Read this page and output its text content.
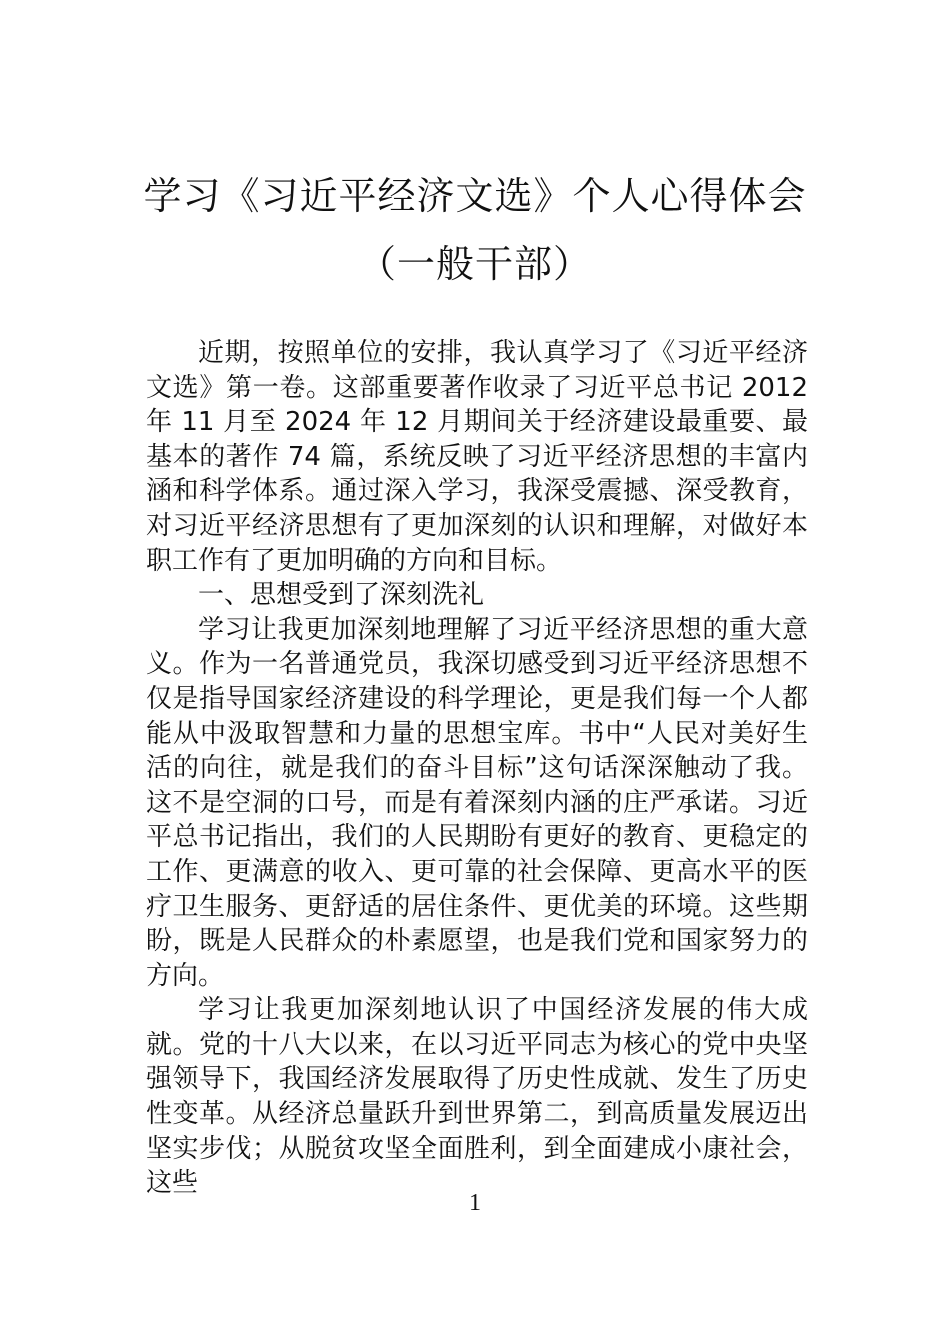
学习《习近平经济文选》个人心得体会
（一般干部）

近期，按照单位的安排，我认真学习了《习近平经济文选》第一卷。这部重要著作收录了习近平总书记 2012 年 11 月至 2024 年 12 月期间关于经济建设最重要、最基本的著作 74 篇，系统反映了习近平经济思想的丰富内涵和科学体系。通过深入学习，我深受震撼、深受教育，对习近平经济思想有了更加深刻的认识和理解，对做好本职工作有了更加明确的方向和目标。

一、思想受到了深刻洗礼

学习让我更加深刻地理解了习近平经济思想的重大意义。作为一名普通党员，我深切感受到习近平经济思想不仅是指导国家经济建设的科学理论，更是我们每一个人都能从中汲取智慧和力量的思想宝库。书中“人民对美好生活的向往，就是我们的奋斗目标”这句话深深触动了我。这不是空洞的口号，而是有着深刻内涵的庄严承诺。习近平总书记指出，我们的人民期盼有更好的教育、更稳定的工作、更满意的收入、更可靠的社会保障、更高水平的医疗卫生服务、更舒适的居住条件、更优美的环境。这些期盼，既是人民群众的朴素愿望，也是我们党和国家努力的方向。

学习让我更加深刻地认识了中国经济发展的伟大成就。党的十八大以来，在以习近平同志为核心的党中央坚强领导下，我国经济发展取得了历史性成就、发生了历史性变革。从经济总量跃升到世界第二，到高质量发展迈出坚实步伐；从脱贫攻坚全面胜利，到全面建成小康社会，这些

1
